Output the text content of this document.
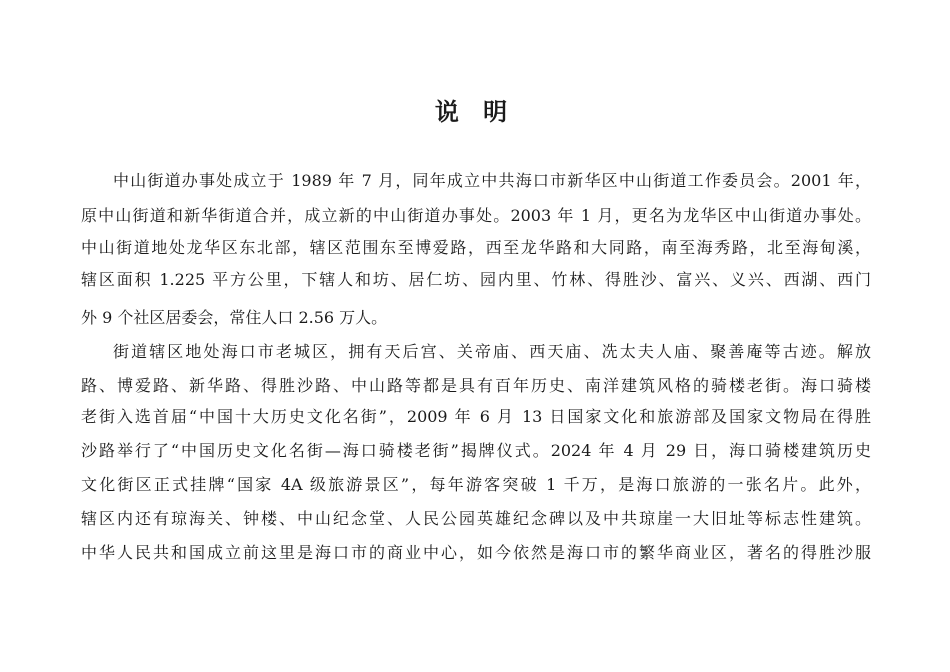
说 明
中山街道办事处成立于 1989 年 7 月，同年成立中共海口市新华区中山街道工作委员会。2001 年，
原中山街道和新华街道合并，成立新的中山街道办事处。2003 年 1 月，更名为龙华区中山街道办事处。
中山街道地处龙华区东北部，辖区范围东至博爱路，西至龙华路和大同路，南至海秀路，北至海甸溪，
辖区面积 1.225 平方公里，下辖人和坊、居仁坊、园内里、竹林、得胜沙、富兴、义兴、西湖、西门
外 9 个社区居委会，常住人口 2.56 万人。
街道辖区地处海口市老城区，拥有天后宫、关帝庙、西天庙、冼太夫人庙、聚善庵等古迹。解放
路、博爱路、新华路、得胜沙路、中山路等都是具有百年历史、南洋建筑风格的骑楼老街。海口骑楼
老街入选首届“中国十大历史文化名街”，2009 年 6 月 13 日国家文化和旅游部及国家文物局在得胜
沙路举行了“中国历史文化名街—海口骑楼老街”揭牌仪式。2024 年 4 月 29 日，海口骑楼建筑历史
文化街区正式挂牌“国家 4A 级旅游景区”，每年游客突破 1 千万，是海口旅游的一张名片。此外，
辖区内还有琼海关、钟楼、中山纪念堂、人民公园英雄纪念碑以及中共琼崖一大旧址等标志性建筑。
中华人民共和国成立前这里是海口市的商业中心，如今依然是海口市的繁华商业区，著名的得胜沙服
